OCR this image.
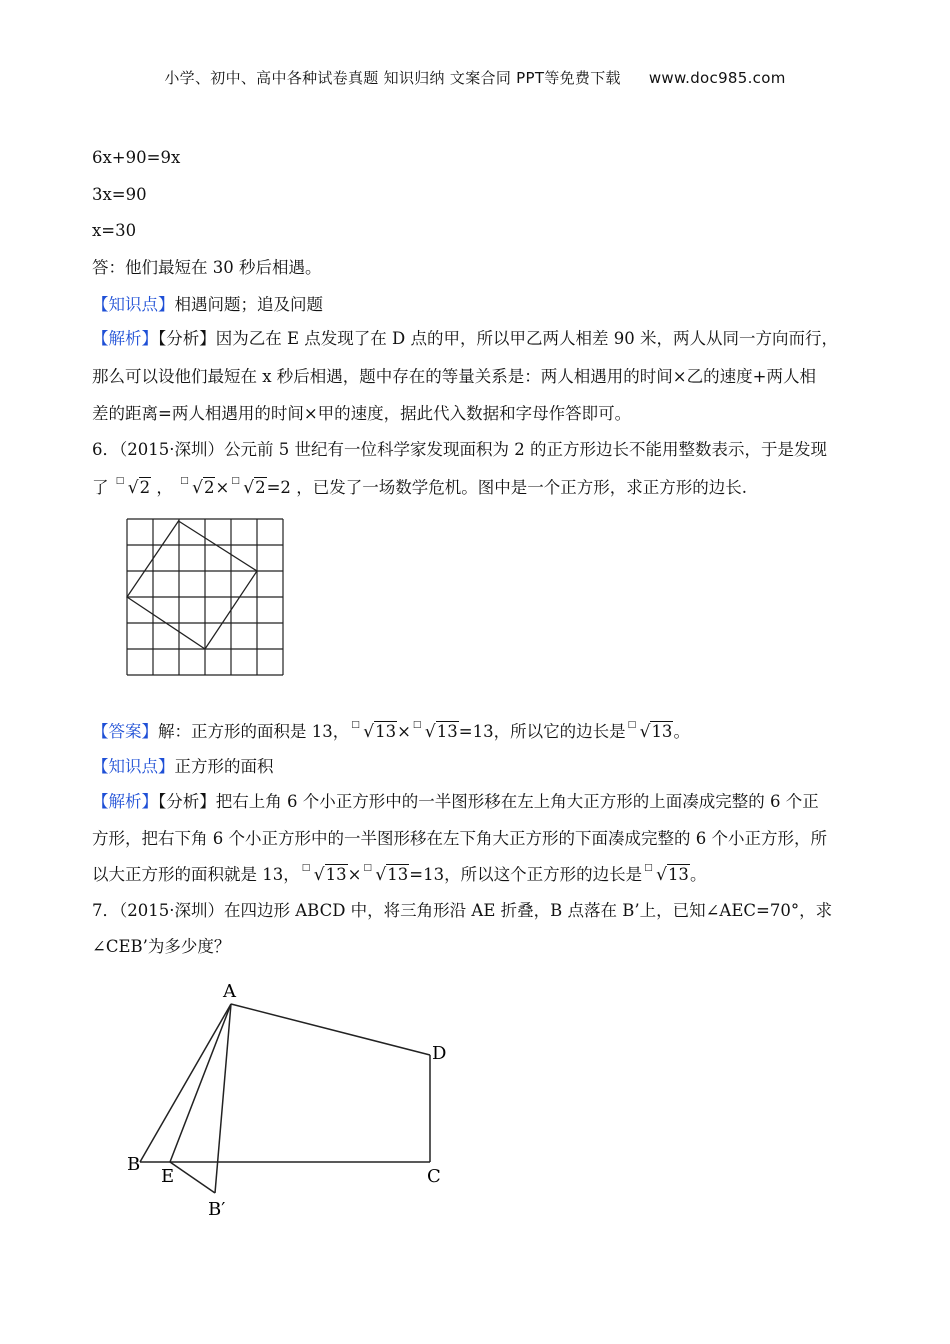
小学、初中、高中各种试卷真题 知识归纳 文案合同 PPT等免费下载 www.doc985.com
6x+90=9x
3x=90
x=30
答：他们最短在 30 秒后相遇。
【知识点】相遇问题；追及问题
【解析】【分析】因为乙在 E 点发现了在 D 点的甲，所以甲乙两人相差 90 米，两人从同一方向而行，
那么可以设他们最短在 x 秒后相遇，题中存在的等量关系是：两人相遇用的时间×乙的速度+两人相
差的距离=两人相遇用的时间×甲的速度，据此代入数据和字母作答即可。
6．（2015·深圳）公元前 5 世纪有一位科学家发现面积为 2 的正方形边长不能用整数表示，于是发现
了 □ √2 ， □ √2× □ √2=2 ，已发了一场数学危机。图中是一个正方形，求正方形的边长.
【答案】解：正方形的面积是 13， □ √13× □ √13=13，所以它的边长是 □ √13。
【知识点】正方形的面积
【解析】【分析】把右上角 6 个小正方形中的一半图形移在左上角大正方形的上面凑成完整的 6 个正
方形，把右下角 6 个小正方形中的一半图形移在左下角大正方形的下面凑成完整的 6 个小正方形，所
以大正方形的面积就是 13， □ √13× □ √13=13，所以这个正方形的边长是 □ √13。
7．（2015·深圳）在四边形 ABCD 中，将三角形沿 AE 折叠，B 点落在 B’上，已知∠AEC=70°，求
∠CEB’为多少度？
A
D
C
B
E
B′
